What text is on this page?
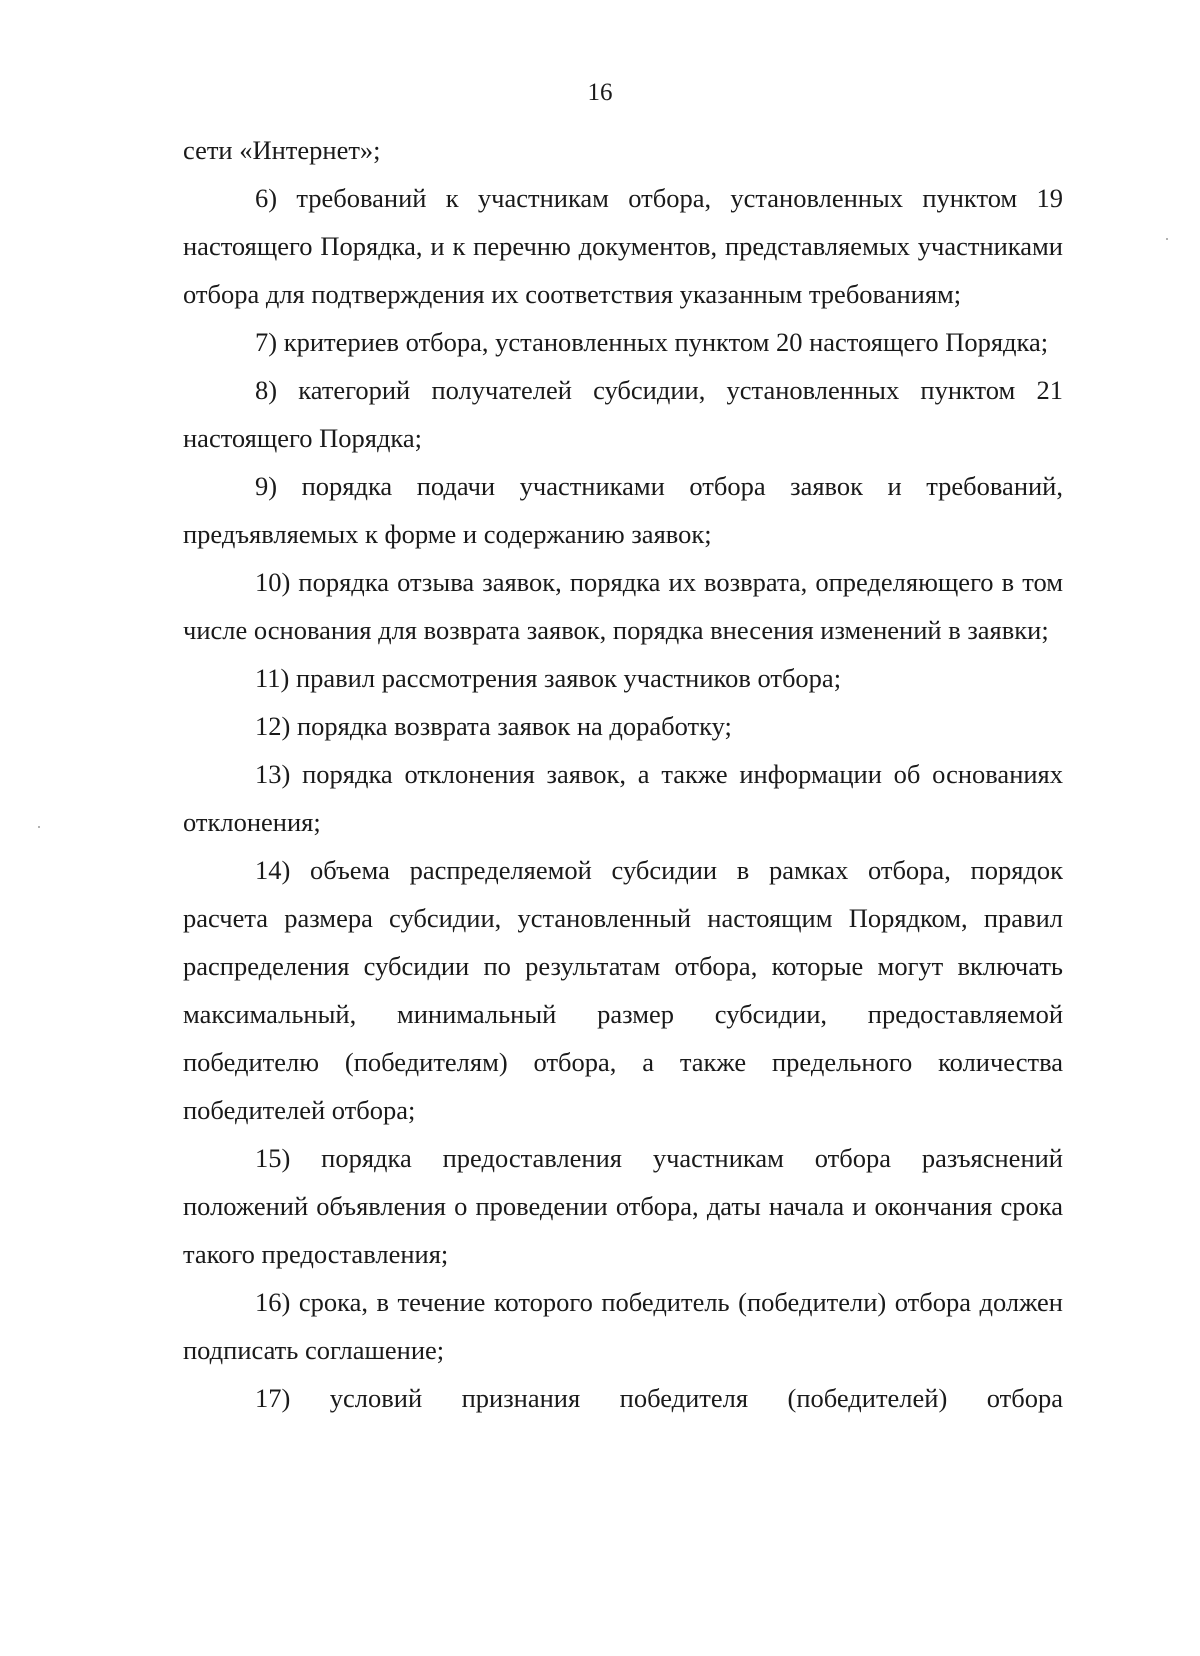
16

сети «Интернет»;

6) требований к участникам отбора, установленных пунктом 19 настоящего Порядка, и к перечню документов, представляемых участниками отбора для подтверждения их соответствия указанным требованиям;

7) критериев отбора, установленных пунктом 20 настоящего Порядка;

8) категорий получателей субсидии, установленных пунктом 21 настоящего Порядка;

9) порядка подачи участниками отбора заявок и требований, предъявляемых к форме и содержанию заявок;

10) порядка отзыва заявок, порядка их возврата, определяющего в том числе основания для возврата заявок, порядка внесения изменений в заявки;

11) правил рассмотрения заявок участников отбора;

12) порядка возврата заявок на доработку;

13) порядка отклонения заявок, а также информации об основаниях отклонения;

14) объема распределяемой субсидии в рамках отбора, порядок расчета размера субсидии, установленный настоящим Порядком, правил распределения субсидии по результатам отбора, которые могут включать максимальный, минимальный размер субсидии, предоставляемой победителю (победителям) отбора, а также предельного количества победителей отбора;

15) порядка предоставления участникам отбора разъяснений положений объявления о проведении отбора, даты начала и окончания срока такого предоставления;

16) срока, в течение которого победитель (победители) отбора должен подписать соглашение;

17) условий признания победителя (победителей) отбора
